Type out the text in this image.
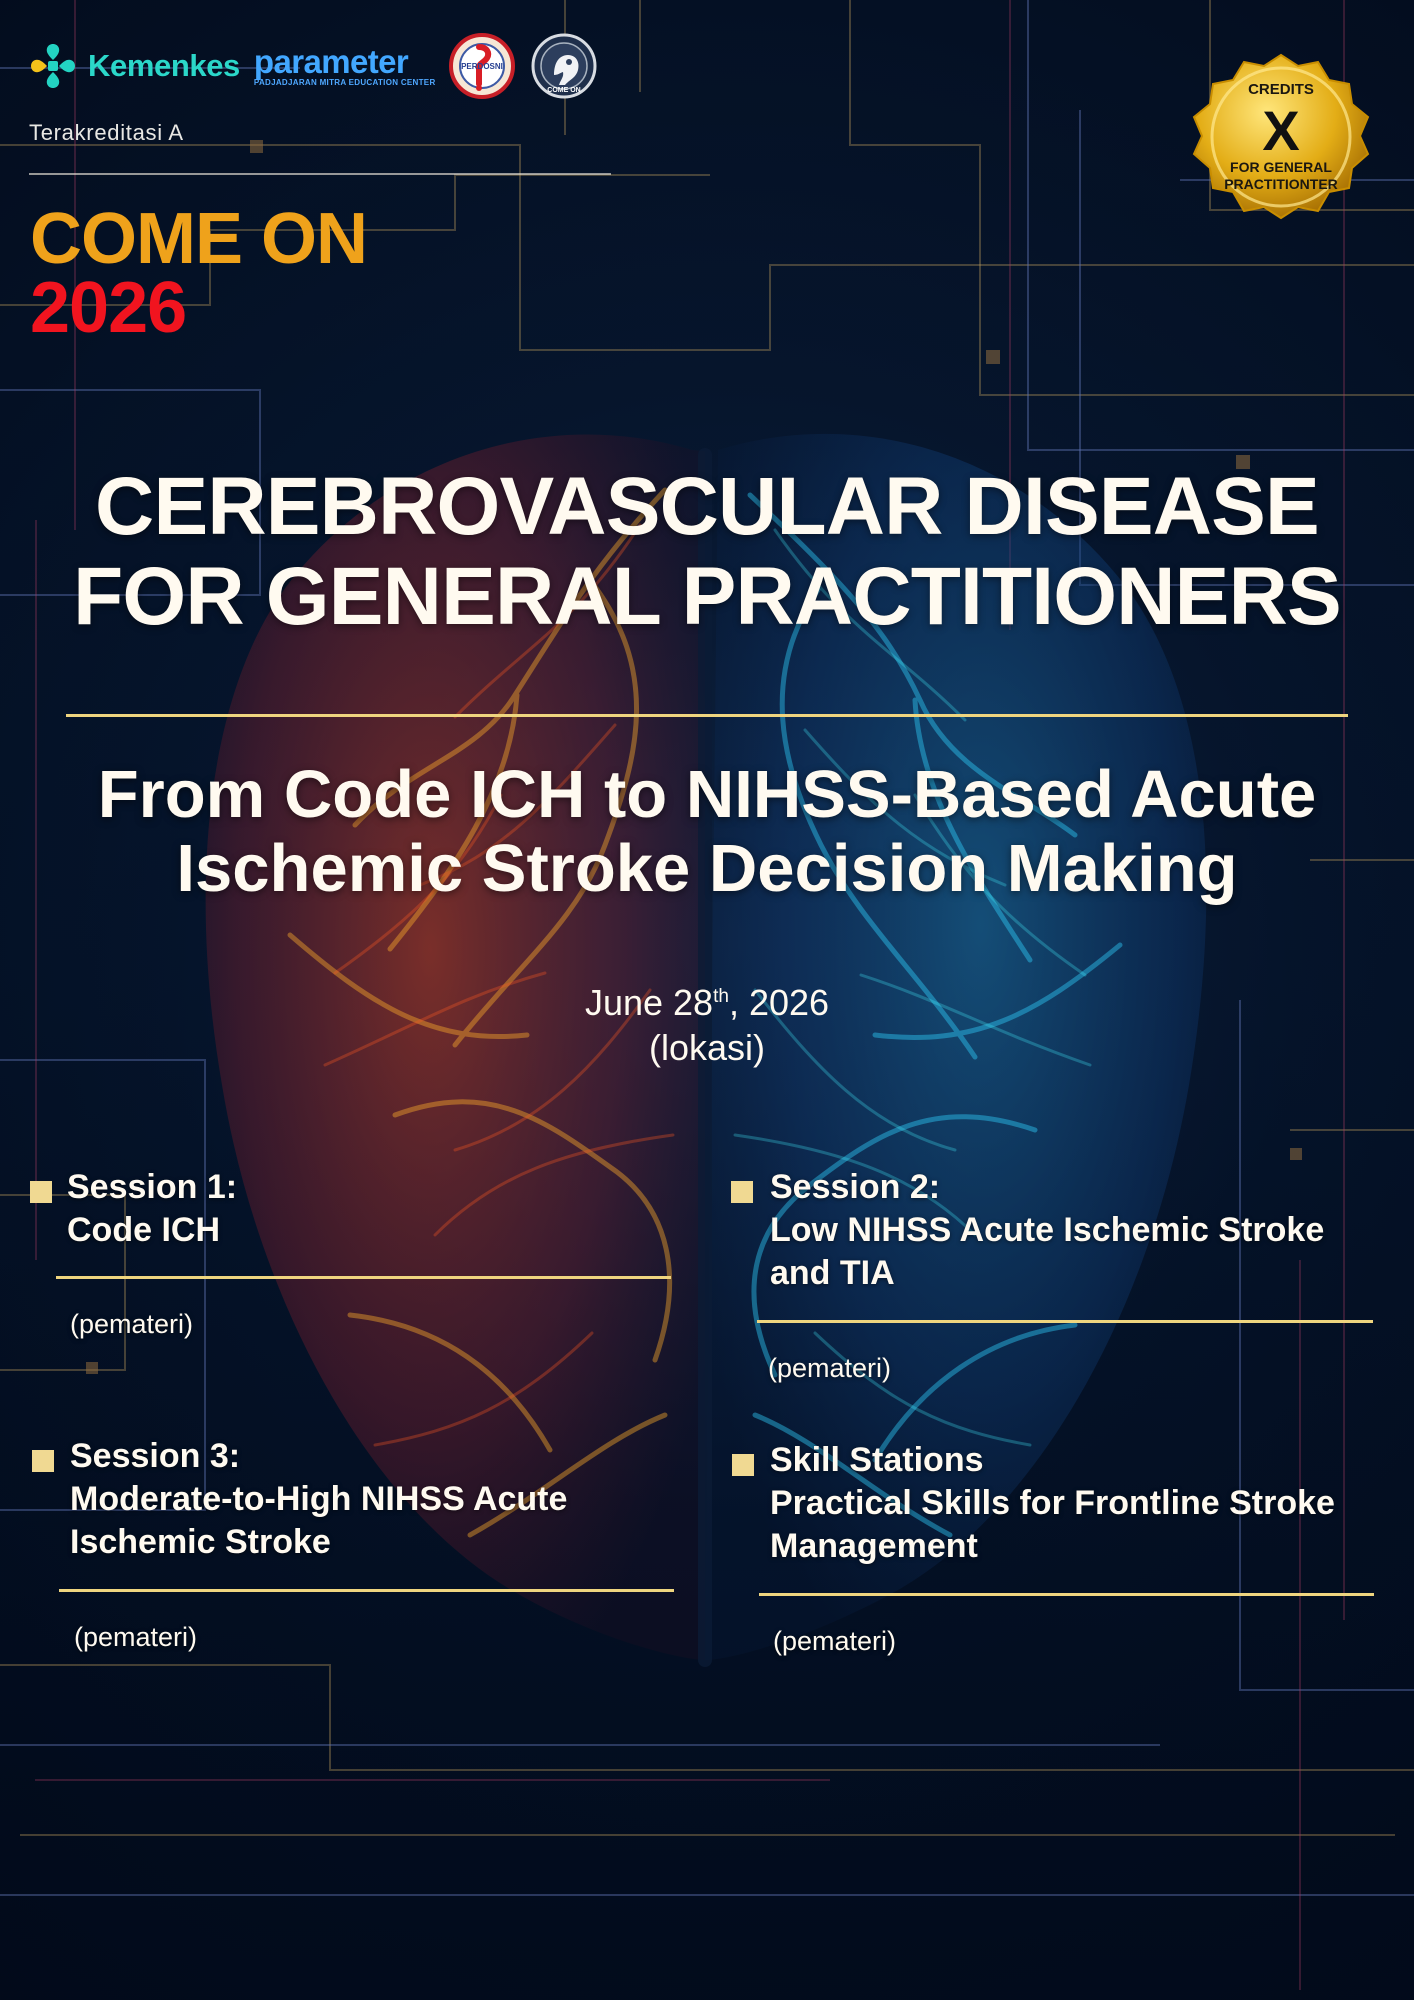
Kemenkes parameter
PADJADJARAN MITRA EDUCATION CENTER
PERDOSNI
COME ON
Terakreditasi A
COME ON
2026
CREDITS
X
FOR GENERAL
PRACTITIONTER
CEREBROVASCULAR DISEASE
FOR GENERAL PRACTITIONERS
From Code ICH to NIHSS-Based Acute
Ischemic Stroke Decision Making
June 28th, 2026
(lokasi)
Session 1:
Code ICH
(pemateri)
Session 2:
Low NIHSS Acute Ischemic Stroke
and TIA
(pemateri)
Session 3:
Moderate-to-High NIHSS Acute
Ischemic Stroke
(pemateri)
Skill Stations
Practical Skills for Frontline Stroke
Management
(pemateri)
